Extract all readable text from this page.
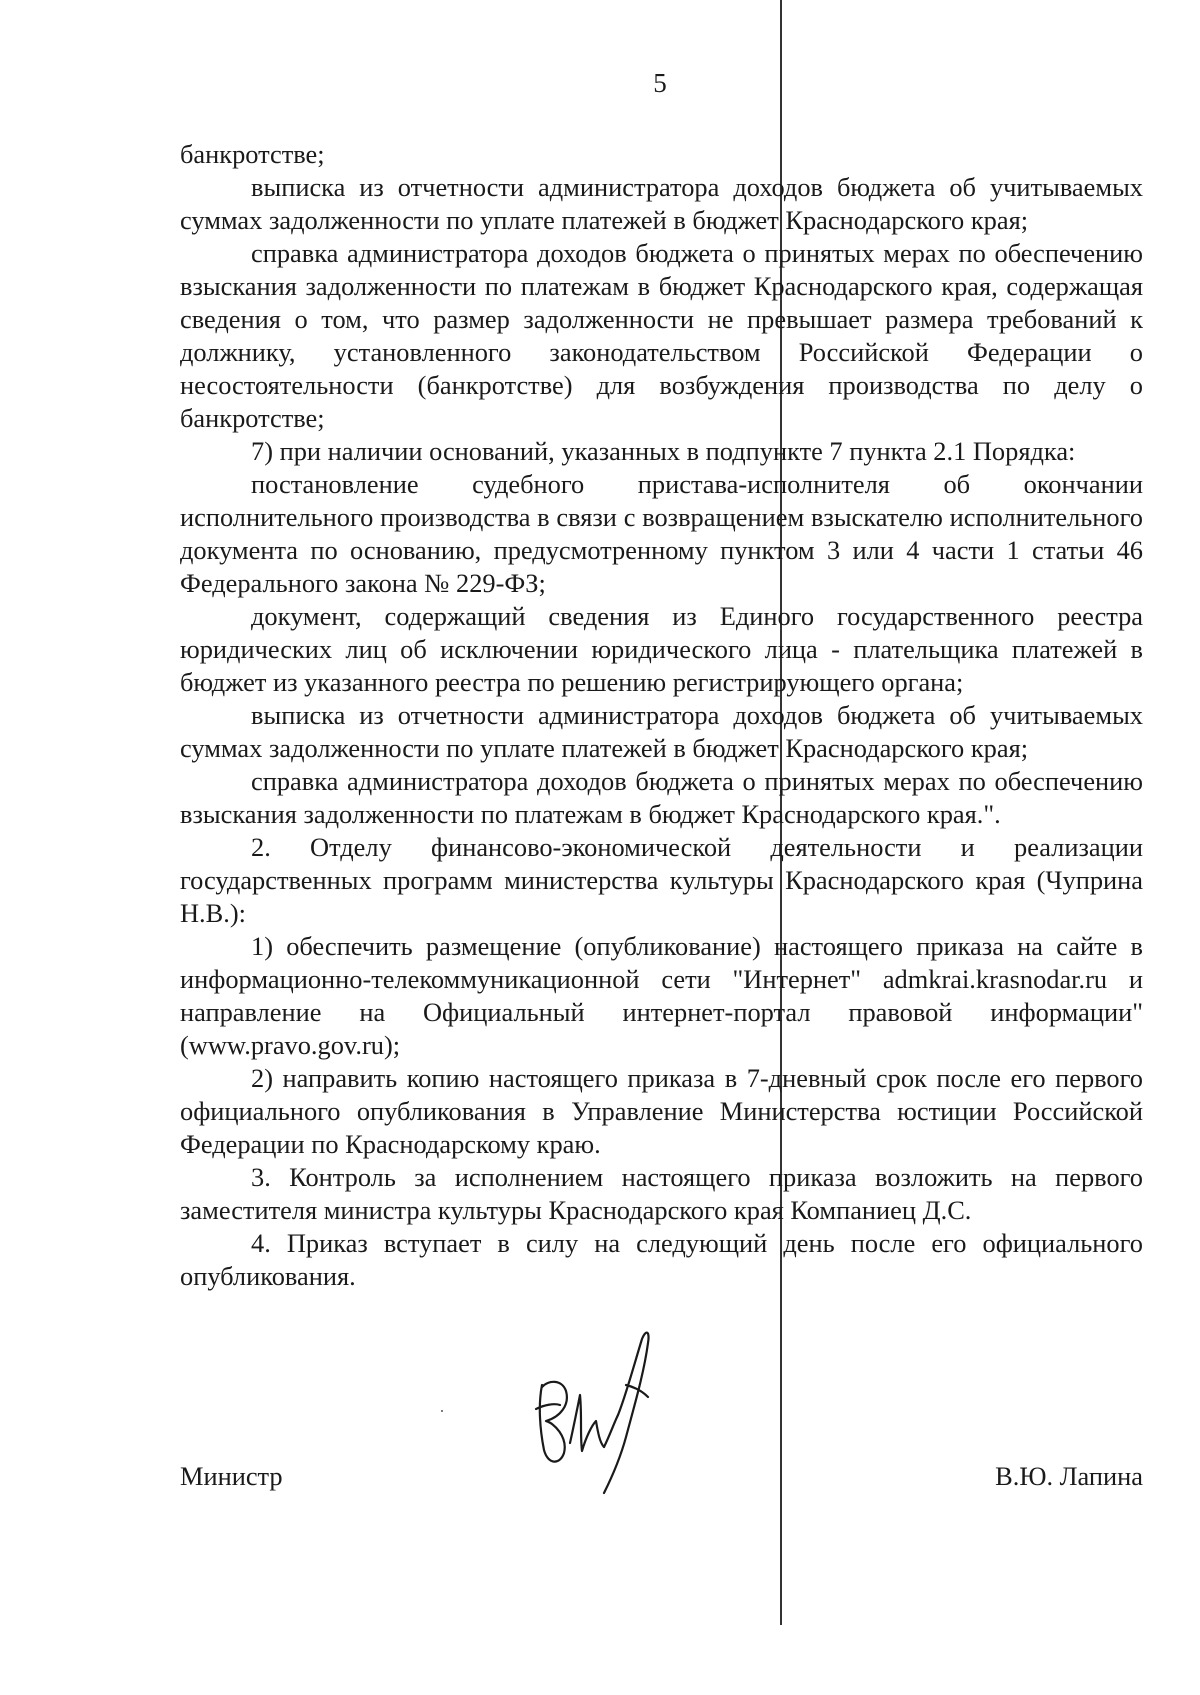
5

банкротстве;

выписка из отчетности администратора доходов бюджета об учитываемых суммах задолженности по уплате платежей в бюджет Краснодарского края;

справка администратора доходов бюджета о принятых мерах по обеспечению взыскания задолженности по платежам в бюджет Краснодарского края, содержащая сведения о том, что размер задолженности не превышает размера требований к должнику, установленного законодательством Российской Федерации о несостоятельности (банкротстве) для возбуждения производства по делу о банкротстве;

7) при наличии оснований, указанных в подпункте 7 пункта 2.1 Порядка:

постановление судебного пристава-исполнителя об окончании исполнительного производства в связи с возвращением взыскателю исполнительного документа по основанию, предусмотренному пунктом 3 или 4 части 1 статьи 46 Федерального закона № 229-ФЗ;

документ, содержащий сведения из Единого государственного реестра юридических лиц об исключении юридического лица - плательщика платежей в бюджет из указанного реестра по решению регистрирующего органа;

выписка из отчетности администратора доходов бюджета об учитываемых суммах задолженности по уплате платежей в бюджет Краснодарского края;

справка администратора доходов бюджета о принятых мерах по обеспечению взыскания задолженности по платежам в бюджет Краснодарского края.".

2. Отделу финансово-экономической деятельности и реализации государственных программ министерства культуры Краснодарского края (Чуприна Н.В.):

1) обеспечить размещение (опубликование) настоящего приказа на сайте в информационно-телекоммуникационной сети "Интернет" admkrai.krasnodar.ru и направление на Официальный интернет-портал правовой информации" (www.pravo.gov.ru);

2) направить копию настоящего приказа в 7-дневный срок после его первого официального опубликования в Управление Министерства юстиции Российской Федерации по Краснодарскому краю.

3. Контроль за исполнением настоящего приказа возложить на первого заместителя министра культуры Краснодарского края Компаниец Д.С.

4. Приказ вступает в силу на следующий день после его официального опубликования.

Министр	В.Ю. Лапина
